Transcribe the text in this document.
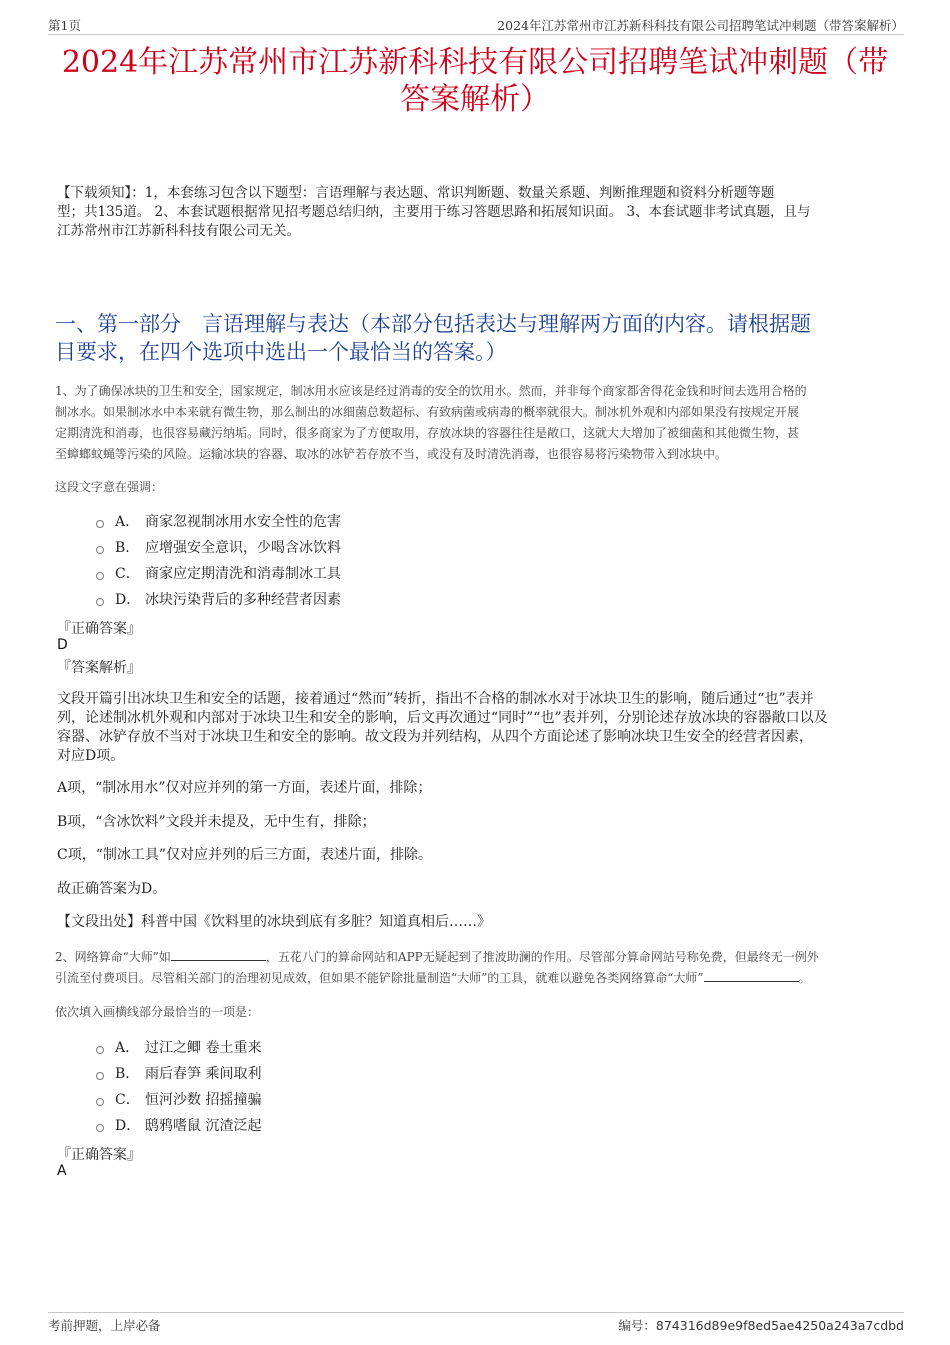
第1页	2024年江苏常州市江苏新科科技有限公司招聘笔试冲刺题（带答案解析）
2024年江苏常州市江苏新科科技有限公司招聘笔试冲刺题（带
答案解析）
【下载须知】：1，本套练习包含以下题型：言语理解与表达题、常识判断题、数量关系题、判断推理题和资料分析题等题
型；共135道。 2、本套试题根据常见招考题总结归纳，主要用于练习答题思路和拓展知识面。 3、本套试题非考试真题，且与
江苏常州市江苏新科科技有限公司无关。
一、第一部分　言语理解与表达（本部分包括表达与理解两方面的内容。请根据题
目要求，在四个选项中选出一个最恰当的答案。）
1、为了确保冰块的卫生和安全，国家规定，制冰用水应该是经过消毒的安全的饮用水。然而，并非每个商家都舍得花金钱和时间去选用合格的
制冰水。如果制冰水中本来就有微生物，那么制出的冰细菌总数超标、有致病菌或病毒的概率就很大。制冰机外观和内部如果没有按规定开展
定期清洗和消毒，也很容易藏污纳垢。同时，很多商家为了方便取用，存放冰块的容器往往是敞口，这就大大增加了被细菌和其他微生物，甚
至蟑螂蚊蝇等污染的风险。运输冰块的容器、取冰的冰铲若存放不当，或没有及时清洗消毒，也很容易将污染物带入到冰块中。
这段文字意在强调：
A． 商家忽视制冰用水安全性的危害
B． 应增强安全意识，少喝含冰饮料
C． 商家应定期清洗和消毒制冰工具
D． 冰块污染背后的多种经营者因素
『正确答案』
D
『答案解析』
文段开篇引出冰块卫生和安全的话题，接着通过“然而”转折，指出不合格的制冰水对于冰块卫生的影响，随后通过“也”表并
列，论述制冰机外观和内部对于冰块卫生和安全的影响，后文再次通过“同时”“也”表并列，分别论述存放冰块的容器敞口以及
容器、冰铲存放不当对于冰块卫生和安全的影响。故文段为并列结构，从四个方面论述了影响冰块卫生安全的经营者因素，
对应D项。
A项，“制冰用水”仅对应并列的第一方面，表述片面，排除；
B项，“含冰饮料”文段并未提及，无中生有，排除；
C项，“制冰工具”仅对应并列的后三方面，表述片面，排除。
故正确答案为D。
【文段出处】科普中国《饮料里的冰块到底有多脏？知道真相后……》
2、网络算命“大师”如	，五花八门的算命网站和APP无疑起到了推波助澜的作用。尽管部分算命网站号称免费，但最终无一例外
引流至付费项目。尽管相关部门的治理初见成效，但如果不能铲除批量制造“大师”的工具，就难以避免各类网络算命“大师”	。
依次填入画横线部分最恰当的一项是：
A． 过江之鲫 卷土重来
B． 雨后春笋 乘间取利
C． 恒河沙数 招摇撞骗
D． 鸱鸦嗜鼠 沉渣泛起
『正确答案』
A
考前押题，上岸必备	编号：874316d89e9f8ed5ae4250a243a7cdbd
